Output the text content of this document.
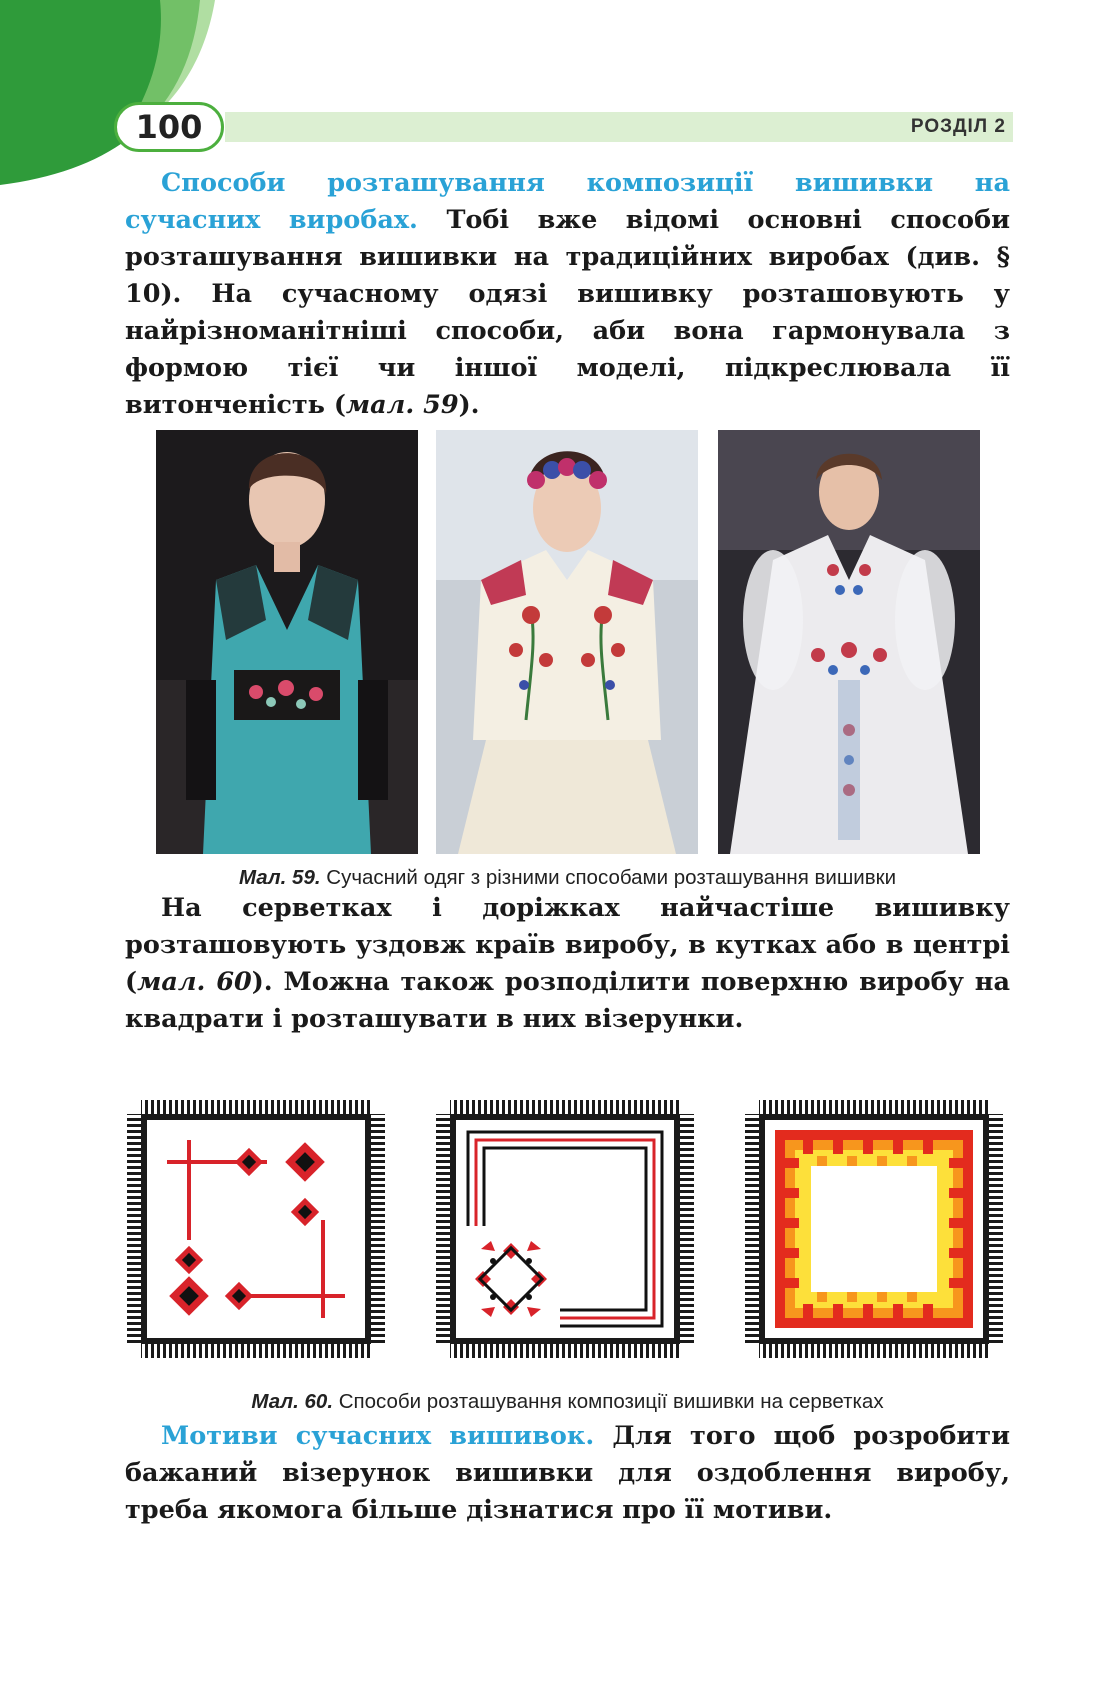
100	РОЗДІЛ 2
Способи розташування композиції вишивки на сучасних виробах. Тобі вже відомі основні способи розташування вишивки на традиційних виробах (див. § 10). На сучасному одязі вишивку розташовують у найрізноманітніші способи, аби вона гармонувала з формою тієї чи іншої моделі, підкреслювала її витонченість (мал. 59).
Мал. 59. Сучасний одяг з різними способами розташування вишивки
На серветках і доріжках найчастіше вишивку розташовують уздовж країв виробу, в кутках або в центрі (мал. 60). Можна також розподілити поверхню виробу на квадрати і розташувати в них візерунки.
Мал. 60. Способи розташування композиції вишивки на серветках
Мотиви сучасних вишивок. Для того щоб розробити бажаний візерунок вишивки для оздоблення виробу, треба якомога більше дізнатися про її мотиви.
